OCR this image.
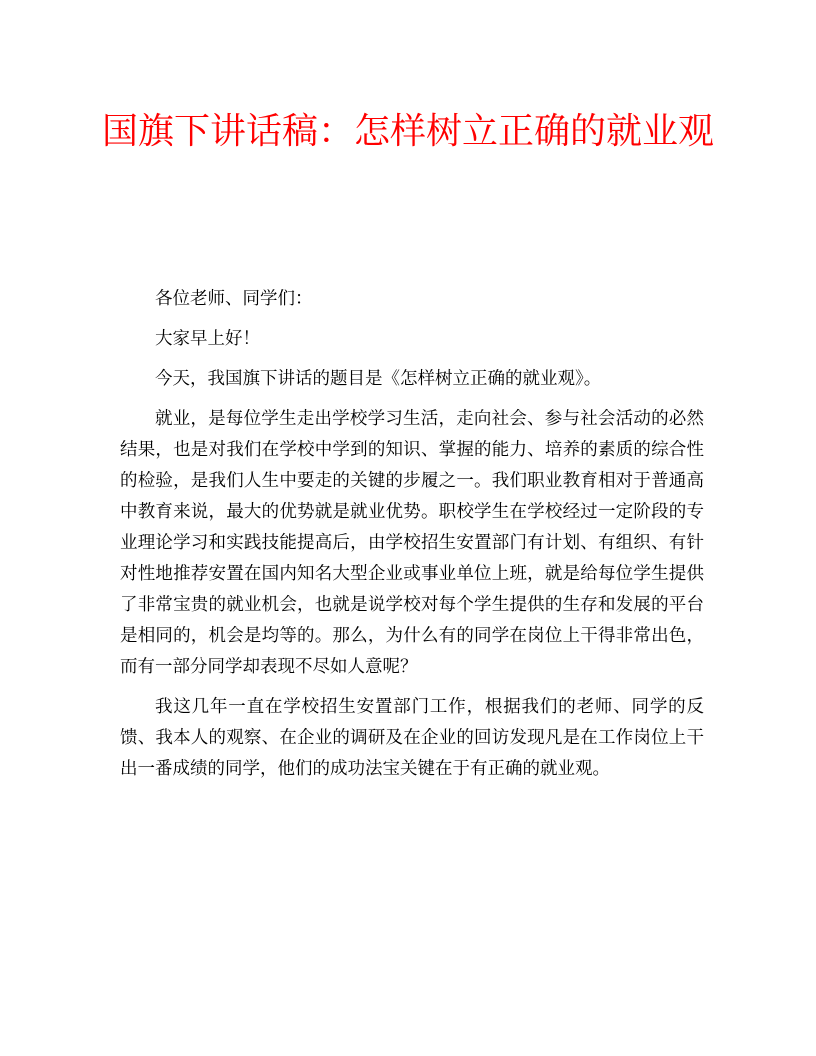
国旗下讲话稿：怎样树立正确的就业观

各位老师、同学们：

大家早上好！

今天，我国旗下讲话的题目是《怎样树立正确的就业观》。

就业，是每位学生走出学校学习生活，走向社会、参与社会活动的必然结果，也是对我们在学校中学到的知识、掌握的能力、培养的素质的综合性的检验，是我们人生中要走的关键的步履之一。我们职业教育相对于普通高中教育来说，最大的优势就是就业优势。职校学生在学校经过一定阶段的专业理论学习和实践技能提高后，由学校招生安置部门有计划、有组织、有针对性地推荐安置在国内知名大型企业或事业单位上班，就是给每位学生提供了非常宝贵的就业机会，也就是说学校对每个学生提供的生存和发展的平台是相同的，机会是均等的。那么，为什么有的同学在岗位上干得非常出色，而有一部分同学却表现不尽如人意呢？

我这几年一直在学校招生安置部门工作，根据我们的老师、同学的反馈、我本人的观察、在企业的调研及在企业的回访发现凡是在工作岗位上干出一番成绩的同学，他们的成功法宝关键在于有正确的就业观。
